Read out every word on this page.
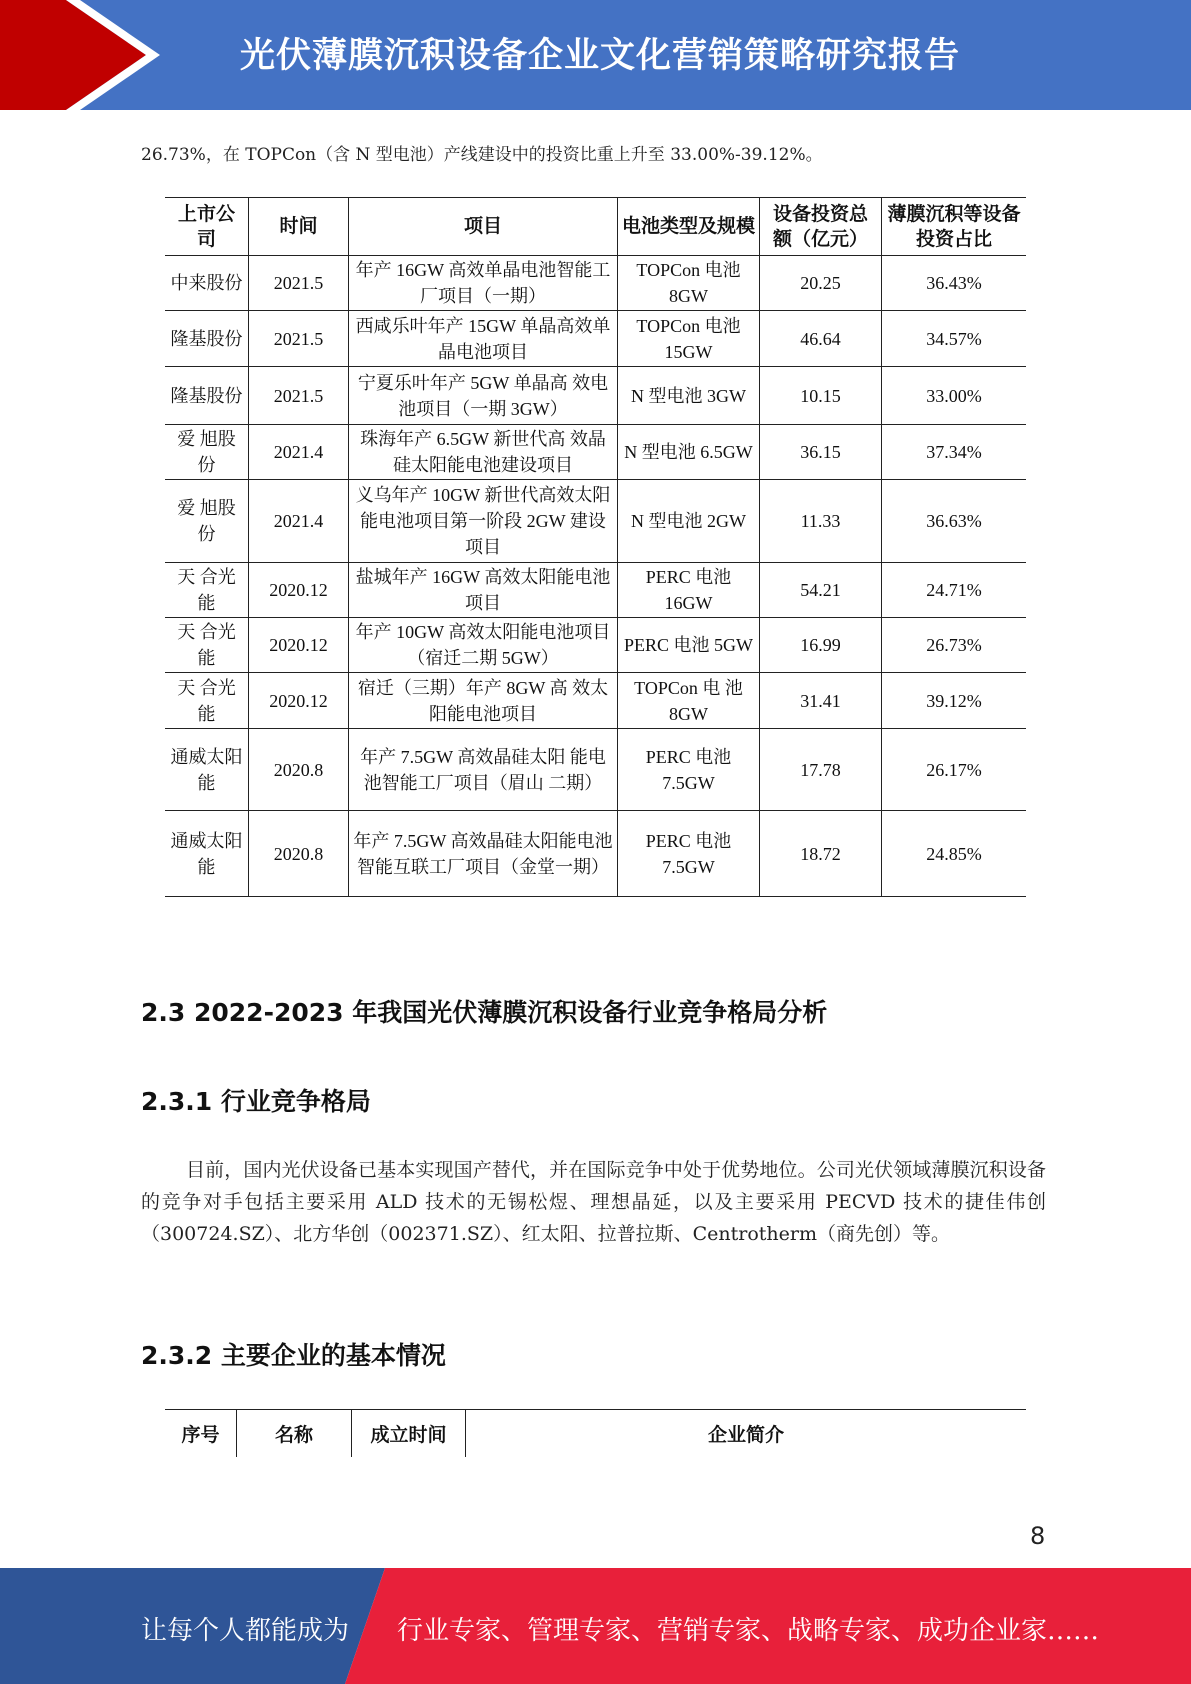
光伏薄膜沉积设备企业文化营销策略研究报告
26.73%，在 TOPCon（含 N 型电池）产线建设中的投资比重上升至 33.00%-39.12%。
上市公司	时间	项目	电池类型及规模	设备投资总额（亿元）	薄膜沉积等设备投资占比
中来股份	2021.5	年产 16GW 高效单晶电池智能工厂项目（一期）	TOPCon 电池 8GW	20.25	36.43%
隆基股份	2021.5	西咸乐叶年产 15GW 单晶高效单晶电池项目	TOPCon 电池 15GW	46.64	34.57%
隆基股份	2021.5	宁夏乐叶年产 5GW 单晶高 效电池项目（一期 3GW）	N 型电池 3GW	10.15	33.00%
爱 旭股份	2021.4	珠海年产 6.5GW 新世代高 效晶硅太阳能电池建设项目	N 型电池 6.5GW	36.15	37.34%
爱 旭股份	2021.4	义乌年产 10GW 新世代高效太阳能电池项目第一阶段 2GW 建设项目	N 型电池 2GW	11.33	36.63%
天 合光能	2020.12	盐城年产 16GW 高效太阳能电池项目	PERC 电池 16GW	54.21	24.71%
天 合光能	2020.12	年产 10GW 高效太阳能电池项目（宿迁二期 5GW）	PERC 电池 5GW	16.99	26.73%
天 合光能	2020.12	宿迁（三期）年产 8GW 高 效太阳能电池项目	TOPCon 电 池 8GW	31.41	39.12%
通威太阳能	2020.8	年产 7.5GW 高效晶硅太阳 能电池智能工厂项目（眉山 二期）	PERC 电池 7.5GW	17.78	26.17%
通威太阳能	2020.8	年产 7.5GW 高效晶硅太阳能电池智能互联工厂项目（金堂一期）	PERC 电池 7.5GW	18.72	24.85%
2.3 2022-2023 年我国光伏薄膜沉积设备行业竞争格局分析
2.3.1 行业竞争格局
目前，国内光伏设备已基本实现国产替代，并在国际竞争中处于优势地位。公司光伏领域薄膜沉积设备的竞争对手包括主要采用 ALD 技术的无锡松煜、理想晶延，以及主要采用 PECVD 技术的捷佳伟创（300724.SZ）、北方华创（002371.SZ）、红太阳、拉普拉斯、Centrotherm（商先创）等。
2.3.2 主要企业的基本情况
序号	名称	成立时间	企业简介
8
让每个人都能成为 行业专家、管理专家、营销专家、战略专家、成功企业家……
